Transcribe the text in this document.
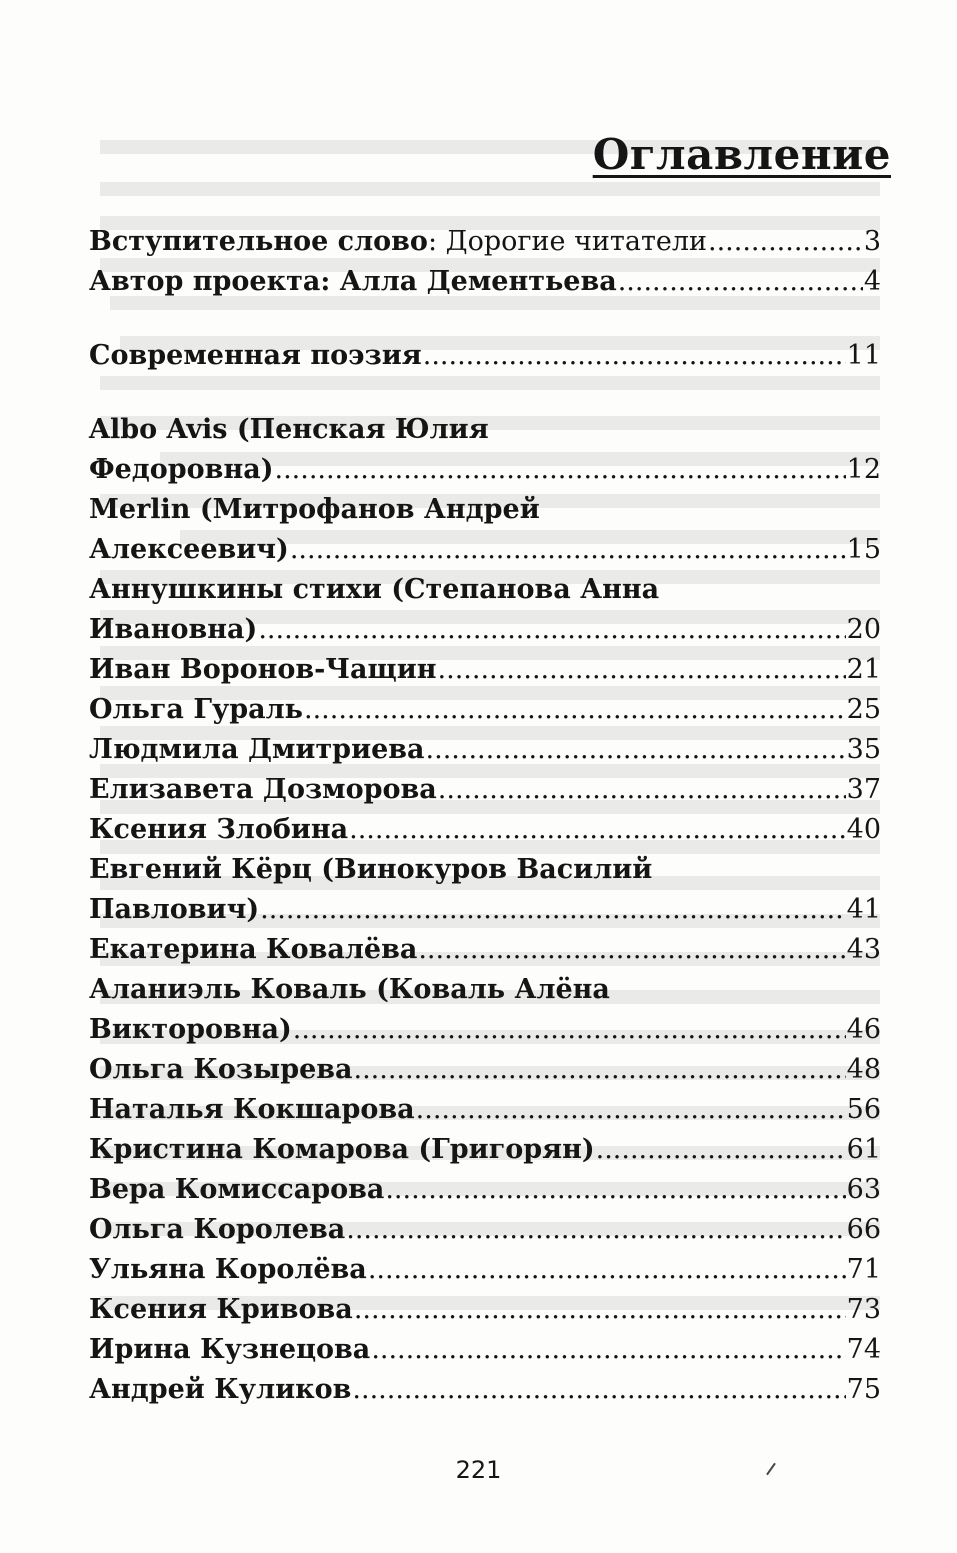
Оглавление
Вступительное слово: Дорогие читатели .....	3
Автор проекта: Алла Дементьева .....	4
Современная поэзия .....	11
Albo Avis (Пенская Юлия
Федоровна) .....	12
Merlin (Митрофанов Андрей
Алексеевич) .....	15
Аннушкины стихи (Степанова Анна
Ивановна) .....	20
Иван Воронов-Чащин .....	21
Ольга Гураль .....	25
Людмила Дмитриева .....	35
Елизавета Дозморова .....	37
Ксения Злобина .....	40
Евгений Кёрц (Винокуров Василий
Павлович) .....	41
Екатерина Ковалёва .....	43
Аланиэль Коваль (Коваль Алёна
Викторовна) .....	46
Ольга Козырева .....	48
Наталья Кокшарова .....	56
Кристина Комарова (Григорян) .....	61
Вера Комиссарова .....	63
Ольга Королева .....	66
Ульяна Королёва .....	71
Ксения Кривова .....	73
Ирина Кузнецова .....	74
Андрей Куликов .....	75
221
